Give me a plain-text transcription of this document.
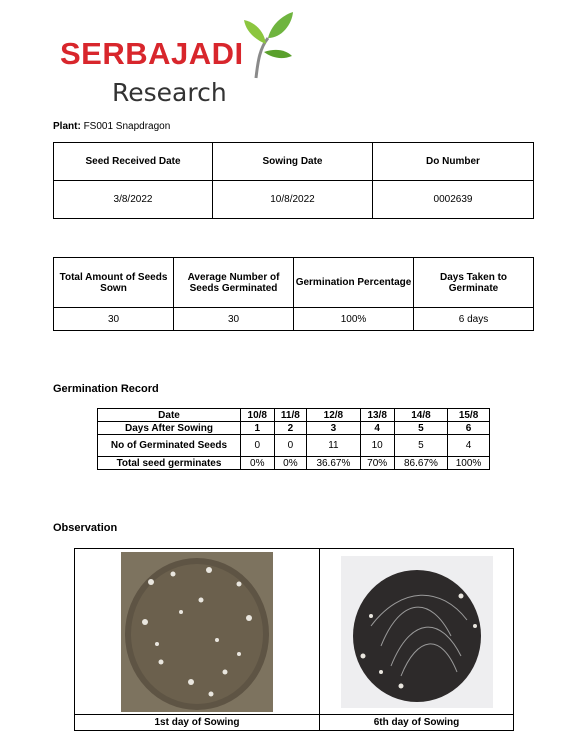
SERBAJADI
Research
Plant: FS001 Snapdragon
Seed Received Date	Sowing Date	Do Number
3/8/2022	10/8/2022	0002639
Total Amount of Seeds Sown	Average Number of Seeds Germinated	Germination Percentage	Days Taken to Germinate
30	30	100%	6 days
Germination Record
Date	10/8	11/8	12/8	13/8	14/8	15/8
Days After Sowing	1	2	3	4	5	6
No of Germinated Seeds	0	0	11	10	5	4
Total seed germinates	0%	0%	36.67%	70%	86.67%	100%
Observation

1st day of Sowing	6th day of Sowing
